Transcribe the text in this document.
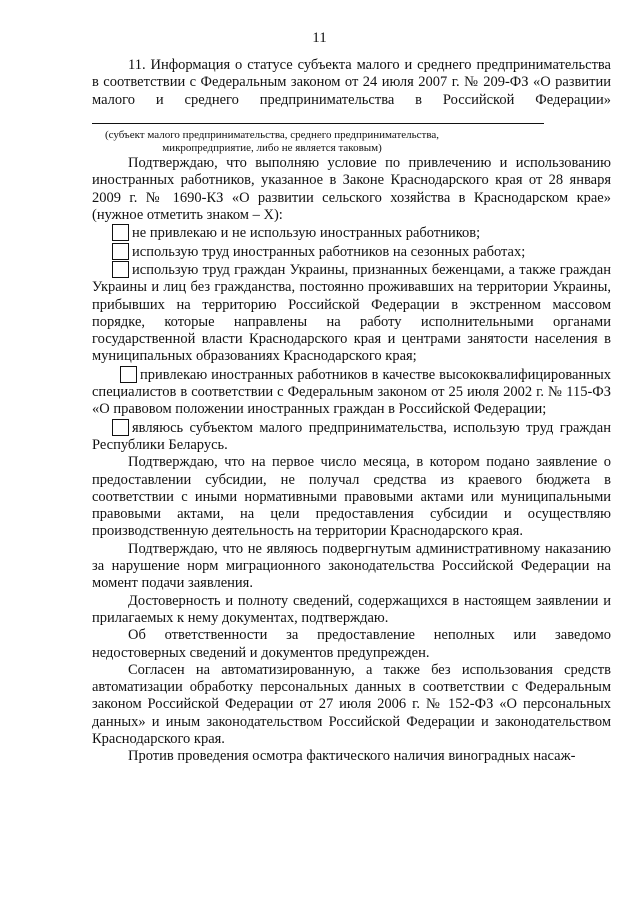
11

11. Информация о статусе субъекта малого и среднего предпринимательства в соответствии с Федеральным законом от 24 июля 2007 г. № 209-ФЗ «О развитии малого и среднего предпринимательства в Российской Федерации»

(субъект малого предпринимательства, среднего предпринимательства, микропредприятие, либо не является таковым)

Подтверждаю, что выполняю условие по привлечению и использованию иностранных работников, указанное в Законе Краснодарского края от 28 января 2009 г. № 1690-КЗ «О развитии сельского хозяйства в Краснодарском крае» (нужное отметить знаком – Х):

не привлекаю и не использую иностранных работников;

использую труд иностранных работников на сезонных работах;

использую труд граждан Украины, признанных беженцами, а также граждан Украины и лиц без гражданства, постоянно проживавших на территории Украины, прибывших на территорию Российской Федерации в экстренном массовом порядке, которые направлены на работу исполнительными органами государственной власти Краснодарского края и центрами занятости населения в муниципальных образованиях Краснодарского края;

привлекаю иностранных работников в качестве высококвалифицированных специалистов в соответствии с Федеральным законом от 25 июля 2002 г. № 115-ФЗ «О правовом положении иностранных граждан в Российской Федерации;

являюсь субъектом малого предпринимательства, использую труд граждан Республики Беларусь.

Подтверждаю, что на первое число месяца, в котором подано заявление о предоставлении субсидии, не получал средства из краевого бюджета в соответствии с иными нормативными правовыми актами или муниципальными правовыми актами, на цели предоставления субсидии и осуществляю производственную деятельность на территории Краснодарского края.

Подтверждаю, что не являюсь подвергнутым административному наказанию за нарушение норм миграционного законодательства Российской Федерации на момент подачи заявления.

Достоверность и полноту сведений, содержащихся в настоящем заявлении и прилагаемых к нему документах, подтверждаю.

Об ответственности за предоставление неполных или заведомо недостоверных сведений и документов предупрежден.

Согласен на автоматизированную, а также без использования средств автоматизации обработку персональных данных в соответствии с Федеральным законом Российской Федерации от 27 июля 2006 г. № 152-ФЗ «О персональных данных» и иным законодательством Российской Федерации и законодательством Краснодарского края.

Против проведения осмотра фактического наличия виноградных насаж-
